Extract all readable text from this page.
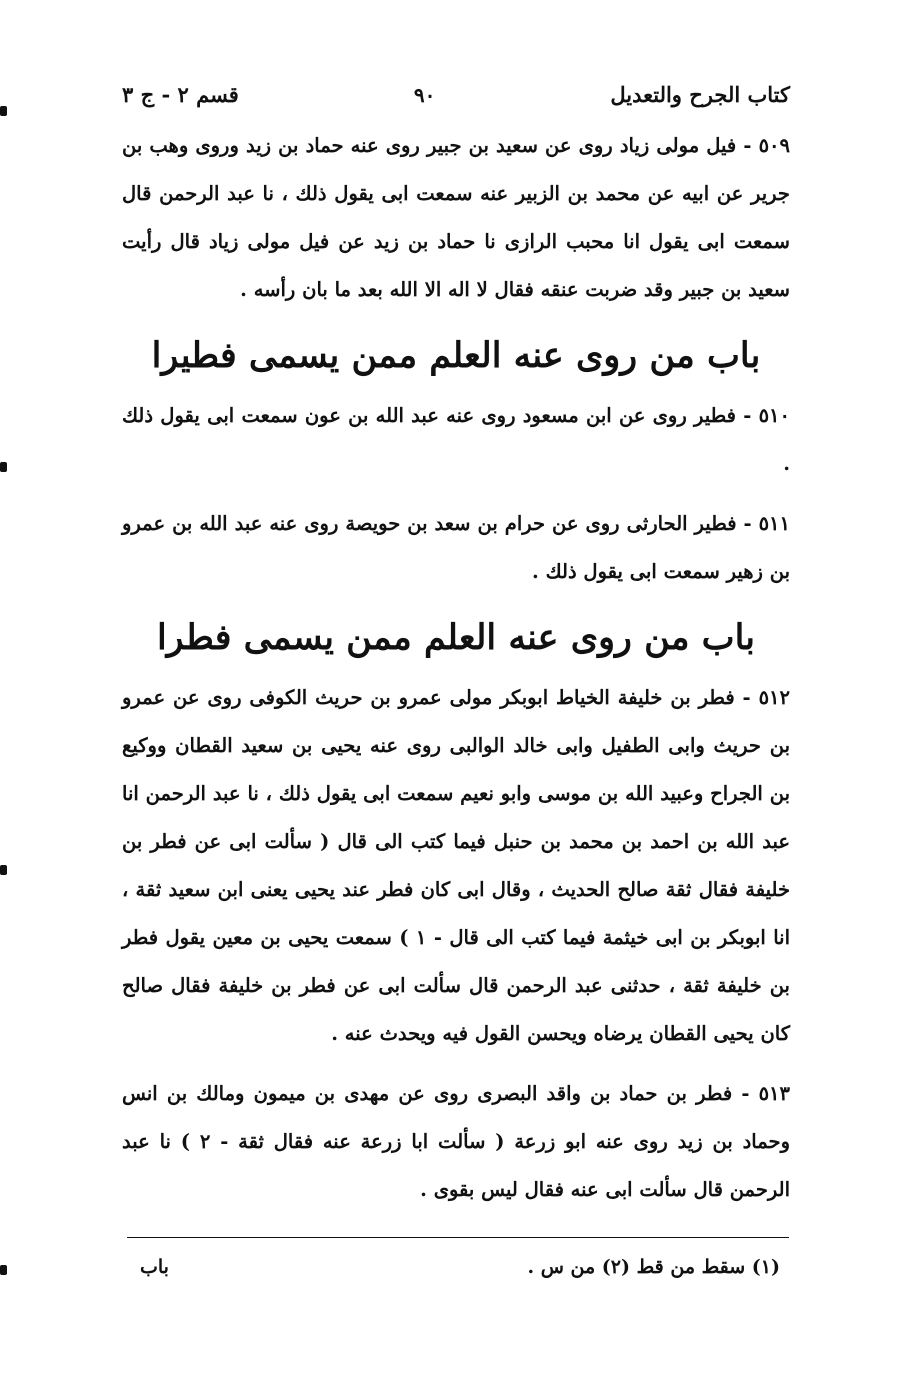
كتاب الجرح والتعديل
٩٠
قسم ٢ - ج ٣

٥٠٩ - فيل مولى زياد روى عن سعيد بن جبير روى عنه حماد بن زيد وروى وهب بن جرير عن ابيه عن محمد بن الزبير عنه سمعت ابى يقول ذلك ، نا عبد الرحمن قال سمعت ابى يقول انا محبب الرازى نا حماد بن زيد عن فيل مولى زياد قال رأيت سعيد بن جبير وقد ضربت عنقه فقال لا اله الا الله بعد ما بان رأسه .

باب من روى عنه العلم ممن يسمى فطيرا

٥١٠ - فطير روى عن ابن مسعود روى عنه عبد الله بن عون سمعت ابى يقول ذلك .

٥١١ - فطير الحارثى روى عن حرام بن سعد بن حويصة روى عنه عبد الله بن عمرو بن زهير سمعت ابى يقول ذلك .

باب من روى عنه العلم ممن يسمى فطرا

٥١٢ - فطر بن خليفة الخياط ابوبكر مولى عمرو بن حريث الكوفى روى عن عمرو بن حريث وابى الطفيل وابى خالد الوالبى روى عنه يحيى بن سعيد القطان ووكيع بن الجراح وعبيد الله بن موسى وابو نعيم سمعت ابى يقول ذلك ، نا عبد الرحمن انا عبد الله بن احمد بن محمد بن حنبل فيما كتب الى قال ( سألت ابى عن فطر بن خليفة فقال ثقة صالح الحديث ، وقال ابى كان فطر عند يحيى يعنى ابن سعيد ثقة ، انا ابوبكر بن ابى خيثمة فيما كتب الى قال - ١ ) سمعت يحيى بن معين يقول فطر بن خليفة ثقة ، حدثنى عبد الرحمن قال سألت ابى عن فطر بن خليفة فقال صالح كان يحيى القطان يرضاه ويحسن القول فيه ويحدث عنه .

٥١٣ - فطر بن حماد بن واقد البصرى روى عن مهدى بن ميمون ومالك بن انس وحماد بن زيد روى عنه ابو زرعة ( سألت ابا زرعة عنه فقال ثقة - ٢ ) نا عبد الرحمن قال سألت ابى عنه فقال ليس بقوى .

(١) سقط من قط (٢) من س .
باب
